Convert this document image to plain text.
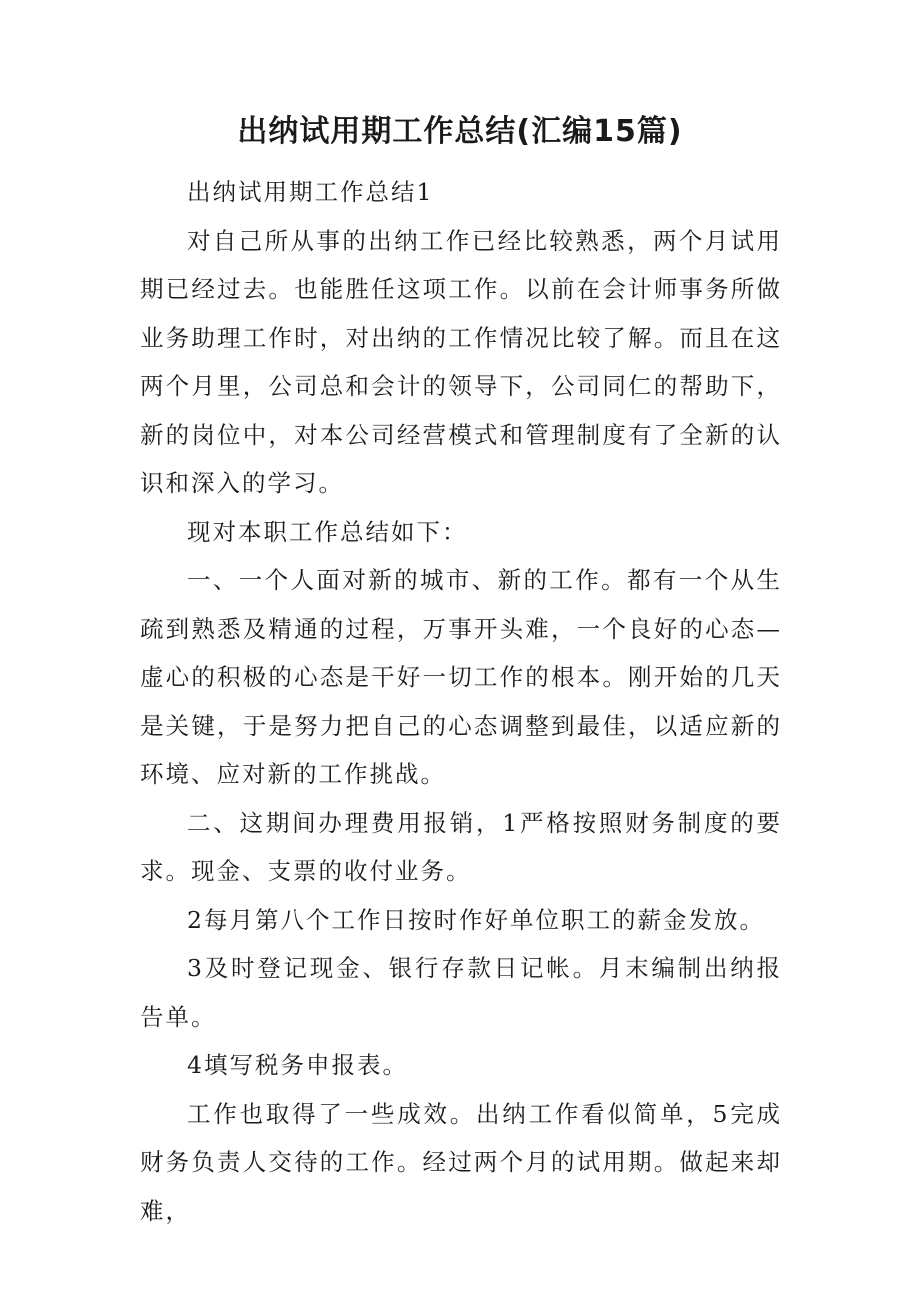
出纳试用期工作总结(汇编15篇)

出纳试用期工作总结1

对自己所从事的出纳工作已经比较熟悉，两个月试用期已经过去。也能胜任这项工作。以前在会计师事务所做业务助理工作时，对出纳的工作情况比较了解。而且在这两个月里，公司总和会计的领导下，公司同仁的帮助下，新的岗位中，对本公司经营模式和管理制度有了全新的认识和深入的学习。

现对本职工作总结如下：

一、一个人面对新的城市、新的工作。都有一个从生疏到熟悉及精通的过程，万事开头难，一个良好的心态—虚心的积极的心态是干好一切工作的根本。刚开始的几天是关键，于是努力把自己的心态调整到最佳，以适应新的环境、应对新的工作挑战。

二、这期间办理费用报销，1严格按照财务制度的要求。现金、支票的收付业务。

2每月第八个工作日按时作好单位职工的薪金发放。

3及时登记现金、银行存款日记帐。月末编制出纳报告单。

4填写税务申报表。

工作也取得了一些成效。出纳工作看似简单，5完成财务负责人交待的工作。经过两个月的试用期。做起来却难，
